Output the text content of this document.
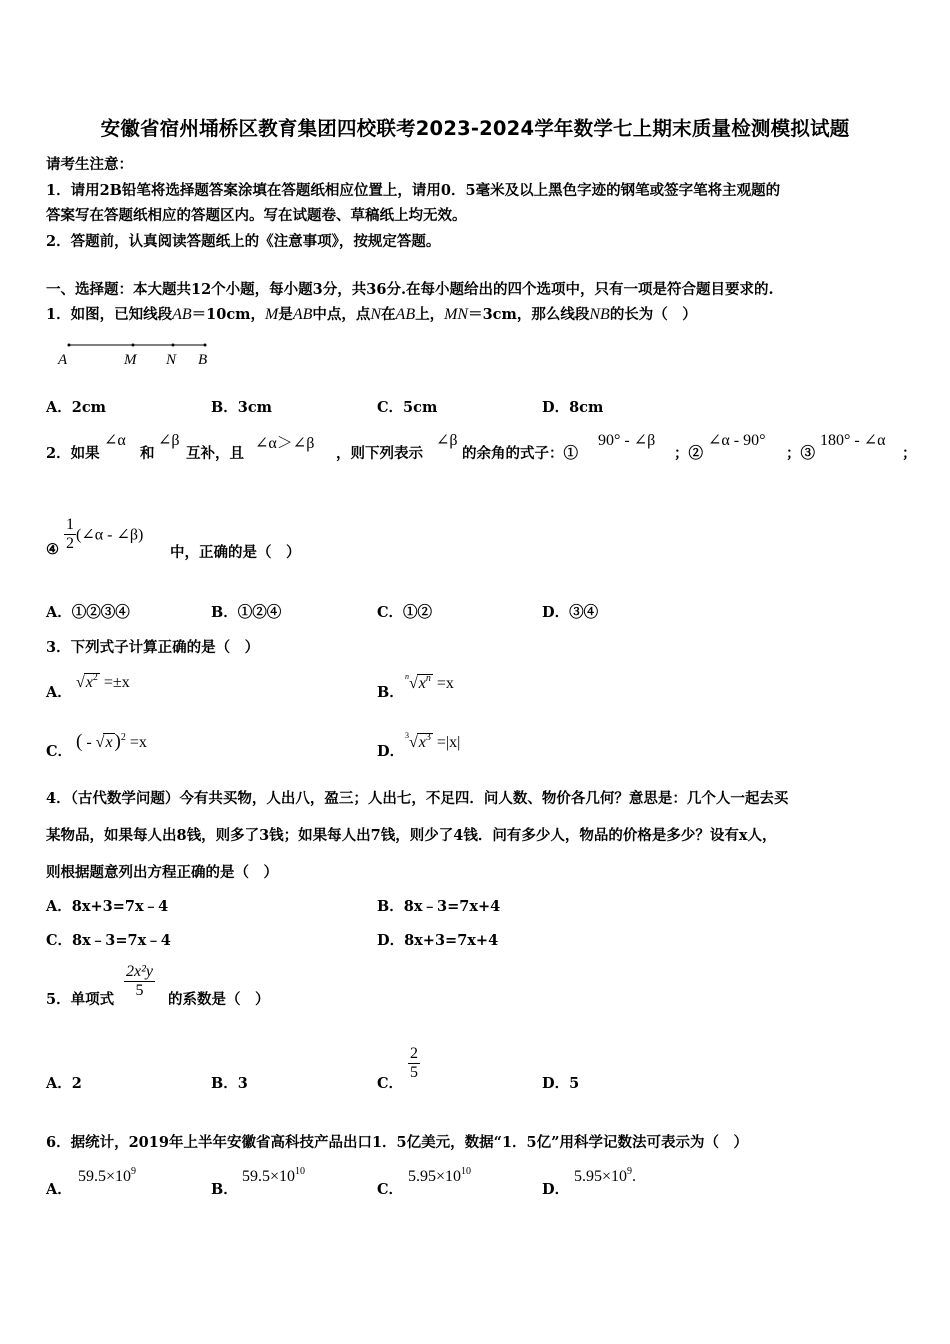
安徽省宿州埇桥区教育集团四校联考2023-2024学年数学七上期末质量检测模拟试题
请考生注意：
1．请用2B铅笔将选择题答案涂填在答题纸相应位置上，请用0．5毫米及以上黑色字迹的钢笔或签字笔将主观题的
答案写在答题纸相应的答题区内。写在试题卷、草稿纸上均无效。
2．答题前，认真阅读答题纸上的《注意事项》，按规定答题。
一、选择题：本大题共12个小题，每小题3分，共36分.在每小题给出的四个选项中，只有一项是符合题目要求的.
1．如图，已知线段AB＝10cm，M是AB中点，点N在AB上，MN＝3cm，那么线段NB的长为（　）
A	M N B
A．2cm	B．3cm	C．5cm	D．8cm
2．如果
∠α
和
∠β
互补，且
∠α＞∠β
，则下列表示
∠β
的余角的式子：①
90° - ∠β
；②
∠α - 90°
；③
180° - ∠α
；
④ $\frac{1}{2}$ (∠α - ∠β)
中，正确的是（　）
A．①②③④	B．①②④	C．①②	D．③④
3．下列式子计算正确的是（　）
A．
$√x^2 =\pm x$
B．
$^n√x^n =x$
C． ( - √x )$^2$ =x
D．
$^3√x^3 =|x|$
4．（古代数学问题）今有共买物，人出八，盈三；人出七，不足四．问人数、物价各几何？意思是：几个人一起去买
某物品，如果每人出8钱，则多了3钱；如果每人出7钱，则少了4钱．问有多少人，物品的价格是多少？设有x人，
则根据题意列出方程正确的是（　）
A．8x+3=7x﹣4	B．8x﹣3=7x+4
C．8x﹣3=7x﹣4	D．8x+3=7x+4
5．单项式 $\frac{\text{2x²y}}{5}$ 的系数是（　）
A．2	B．3	C．
$\frac{2}{5}$
D．5
6．据统计，2019年上半年安徽省高科技产品出口1．5亿美元，数据“1．5亿”用科学记数法可表示为（　）
A．
$59.5\times 10^9$
B．
$59.5\times 10^{10}$
C．
$5.95\times 10^{10}$
D．
$5.95\times 10^9$.
